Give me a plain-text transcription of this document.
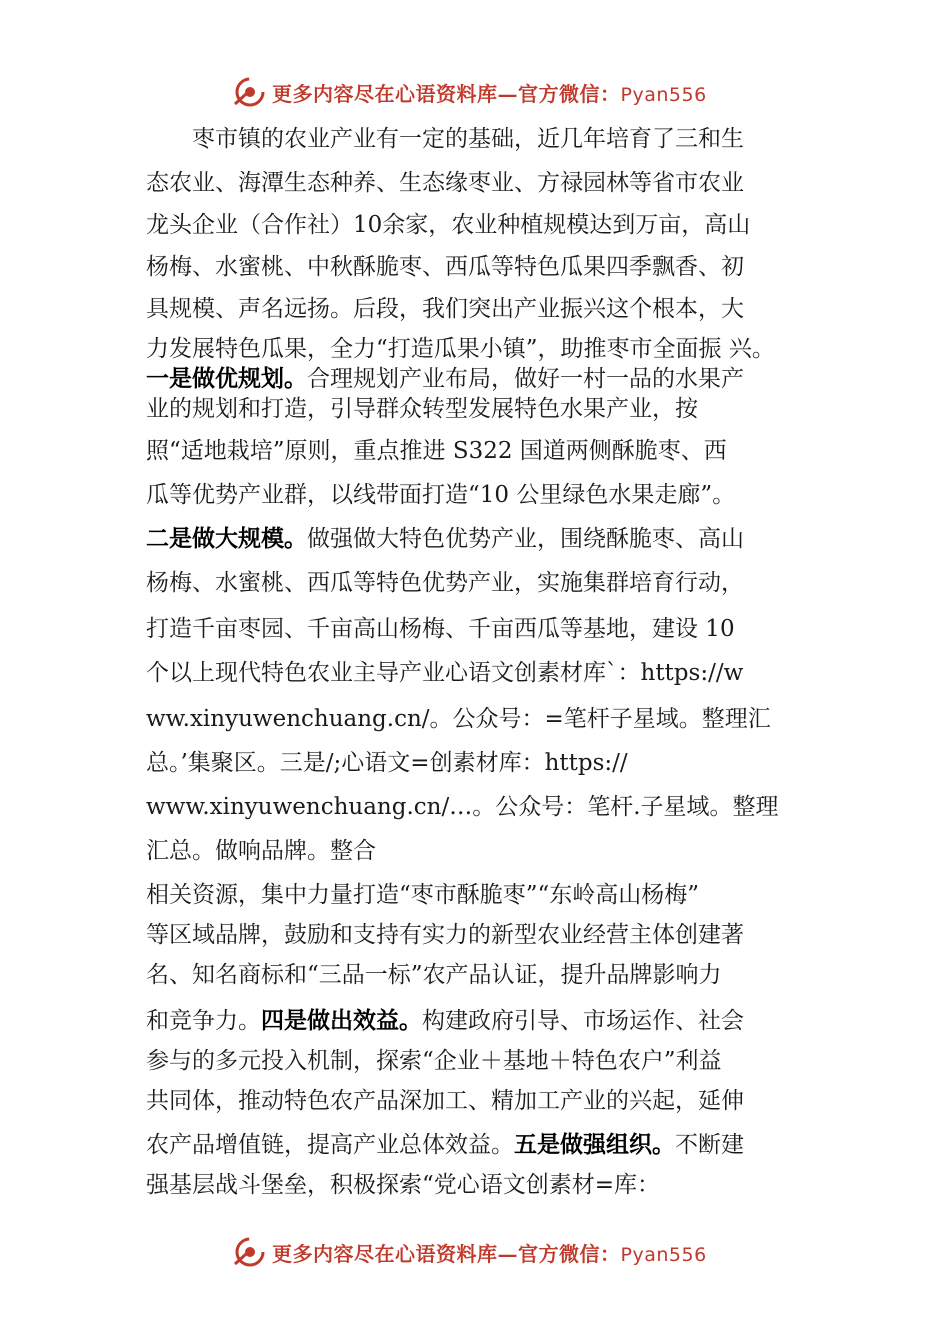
更多内容尽在心语资料库—官方微信：Pyan556
　　枣市镇的农业产业有一定的基础，近几年培育了三和生
态农业、海潭生态种养、生态缘枣业、方禄园林等省市农业
龙头企业（合作社）10余家，农业种植规模达到万亩，高山
杨梅、水蜜桃、中秋酥脆枣、西瓜等特色瓜果四季飘香、初
具规模、声名远扬。后段，我们突出产业振兴这个根本，大
力发展特色瓜果，全力“打造瓜果小镇”，助推枣市全面振 兴。
一是做优规划。合理规划产业布局，做好一村一品的水果产
业的规划和打造，引导群众转型发展特色水果产业，按
照“适地栽培”原则，重点推进 S322 国道两侧酥脆枣、西
瓜等优势产业群，以线带面打造“10 公里绿色水果走廊”。
二是做大规模。做强做大特色优势产业，围绕酥脆枣、高山
杨梅、水蜜桃、西瓜等特色优势产业，实施集群培育行动，
打造千亩枣园、千亩高山杨梅、千亩西瓜等基地，建设 10
个以上现代特色农业主导产业心语文创素材库`：https://w
ww.xinyuwenchuang.cn/。公众号：=笔杆子星域。整理汇
总。’集聚区。三是/;心语文=创素材库：https://
www.xinyuwenchuang.cn/…。公众号：笔杆.子星域。整理
汇总。做响品牌。整合
相关资源，集中力量打造“枣市酥脆枣”“东岭高山杨梅”
等区域品牌，鼓励和支持有实力的新型农业经营主体创建著
名、知名商标和“三品一标”农产品认证，提升品牌影响力
和竞争力。四是做出效益。构建政府引导、市场运作、社会
参与的多元投入机制，探索“企业＋基地＋特色农户”利益
共同体，推动特色农产品深加工、精加工产业的兴起，延伸
农产品增值链，提高产业总体效益。五是做强组织。不断建
强基层战斗堡垒，积极探索“党心语文创素材=库：
更多内容尽在心语资料库—官方微信：Pyan556
